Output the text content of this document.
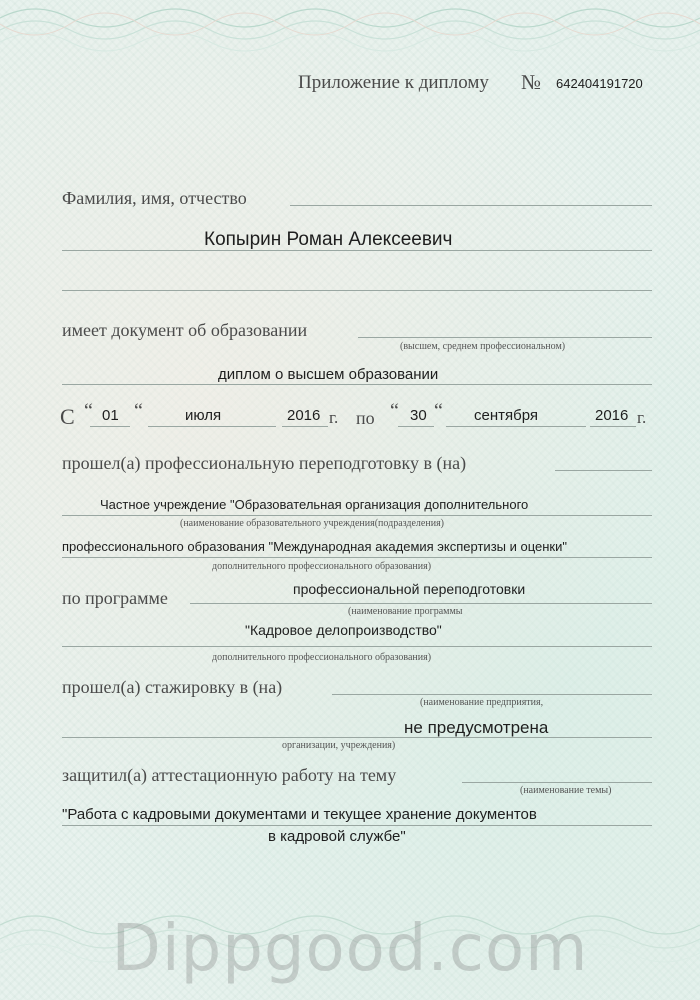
Приложение к диплому № 642404191720
Фамилия, имя, отчество
Копырин Роман Алексеевич
имеет документ об образовании
(высшем, среднем профессиональном)
диплом о высшем образовании
С “ 01 “	июля	2016 г. по “ 30 “ сентября	2016 г.
прошел(а) профессиональную переподготовку в (на)
Частное учреждение "Образовательная организация дополнительного
(наименование образовательного учреждения(подразделения)
профессионального образования "Международная академия экспертизы и оценки"
дополнительного профессионального образования)
по программе	профессиональной переподготовки
(наименование программы
"Кадровое делопроизводство"
дополнительного профессионального образования)
прошел(а) стажировку в (на)
(наименование предприятия,
не предусмотрена
организации, учреждения)
защитил(а) аттестационную работу на тему
(наименование темы)
"Работа с кадровыми документами и текущее хранение документов
в кадровой службе"
Dippgood.com
